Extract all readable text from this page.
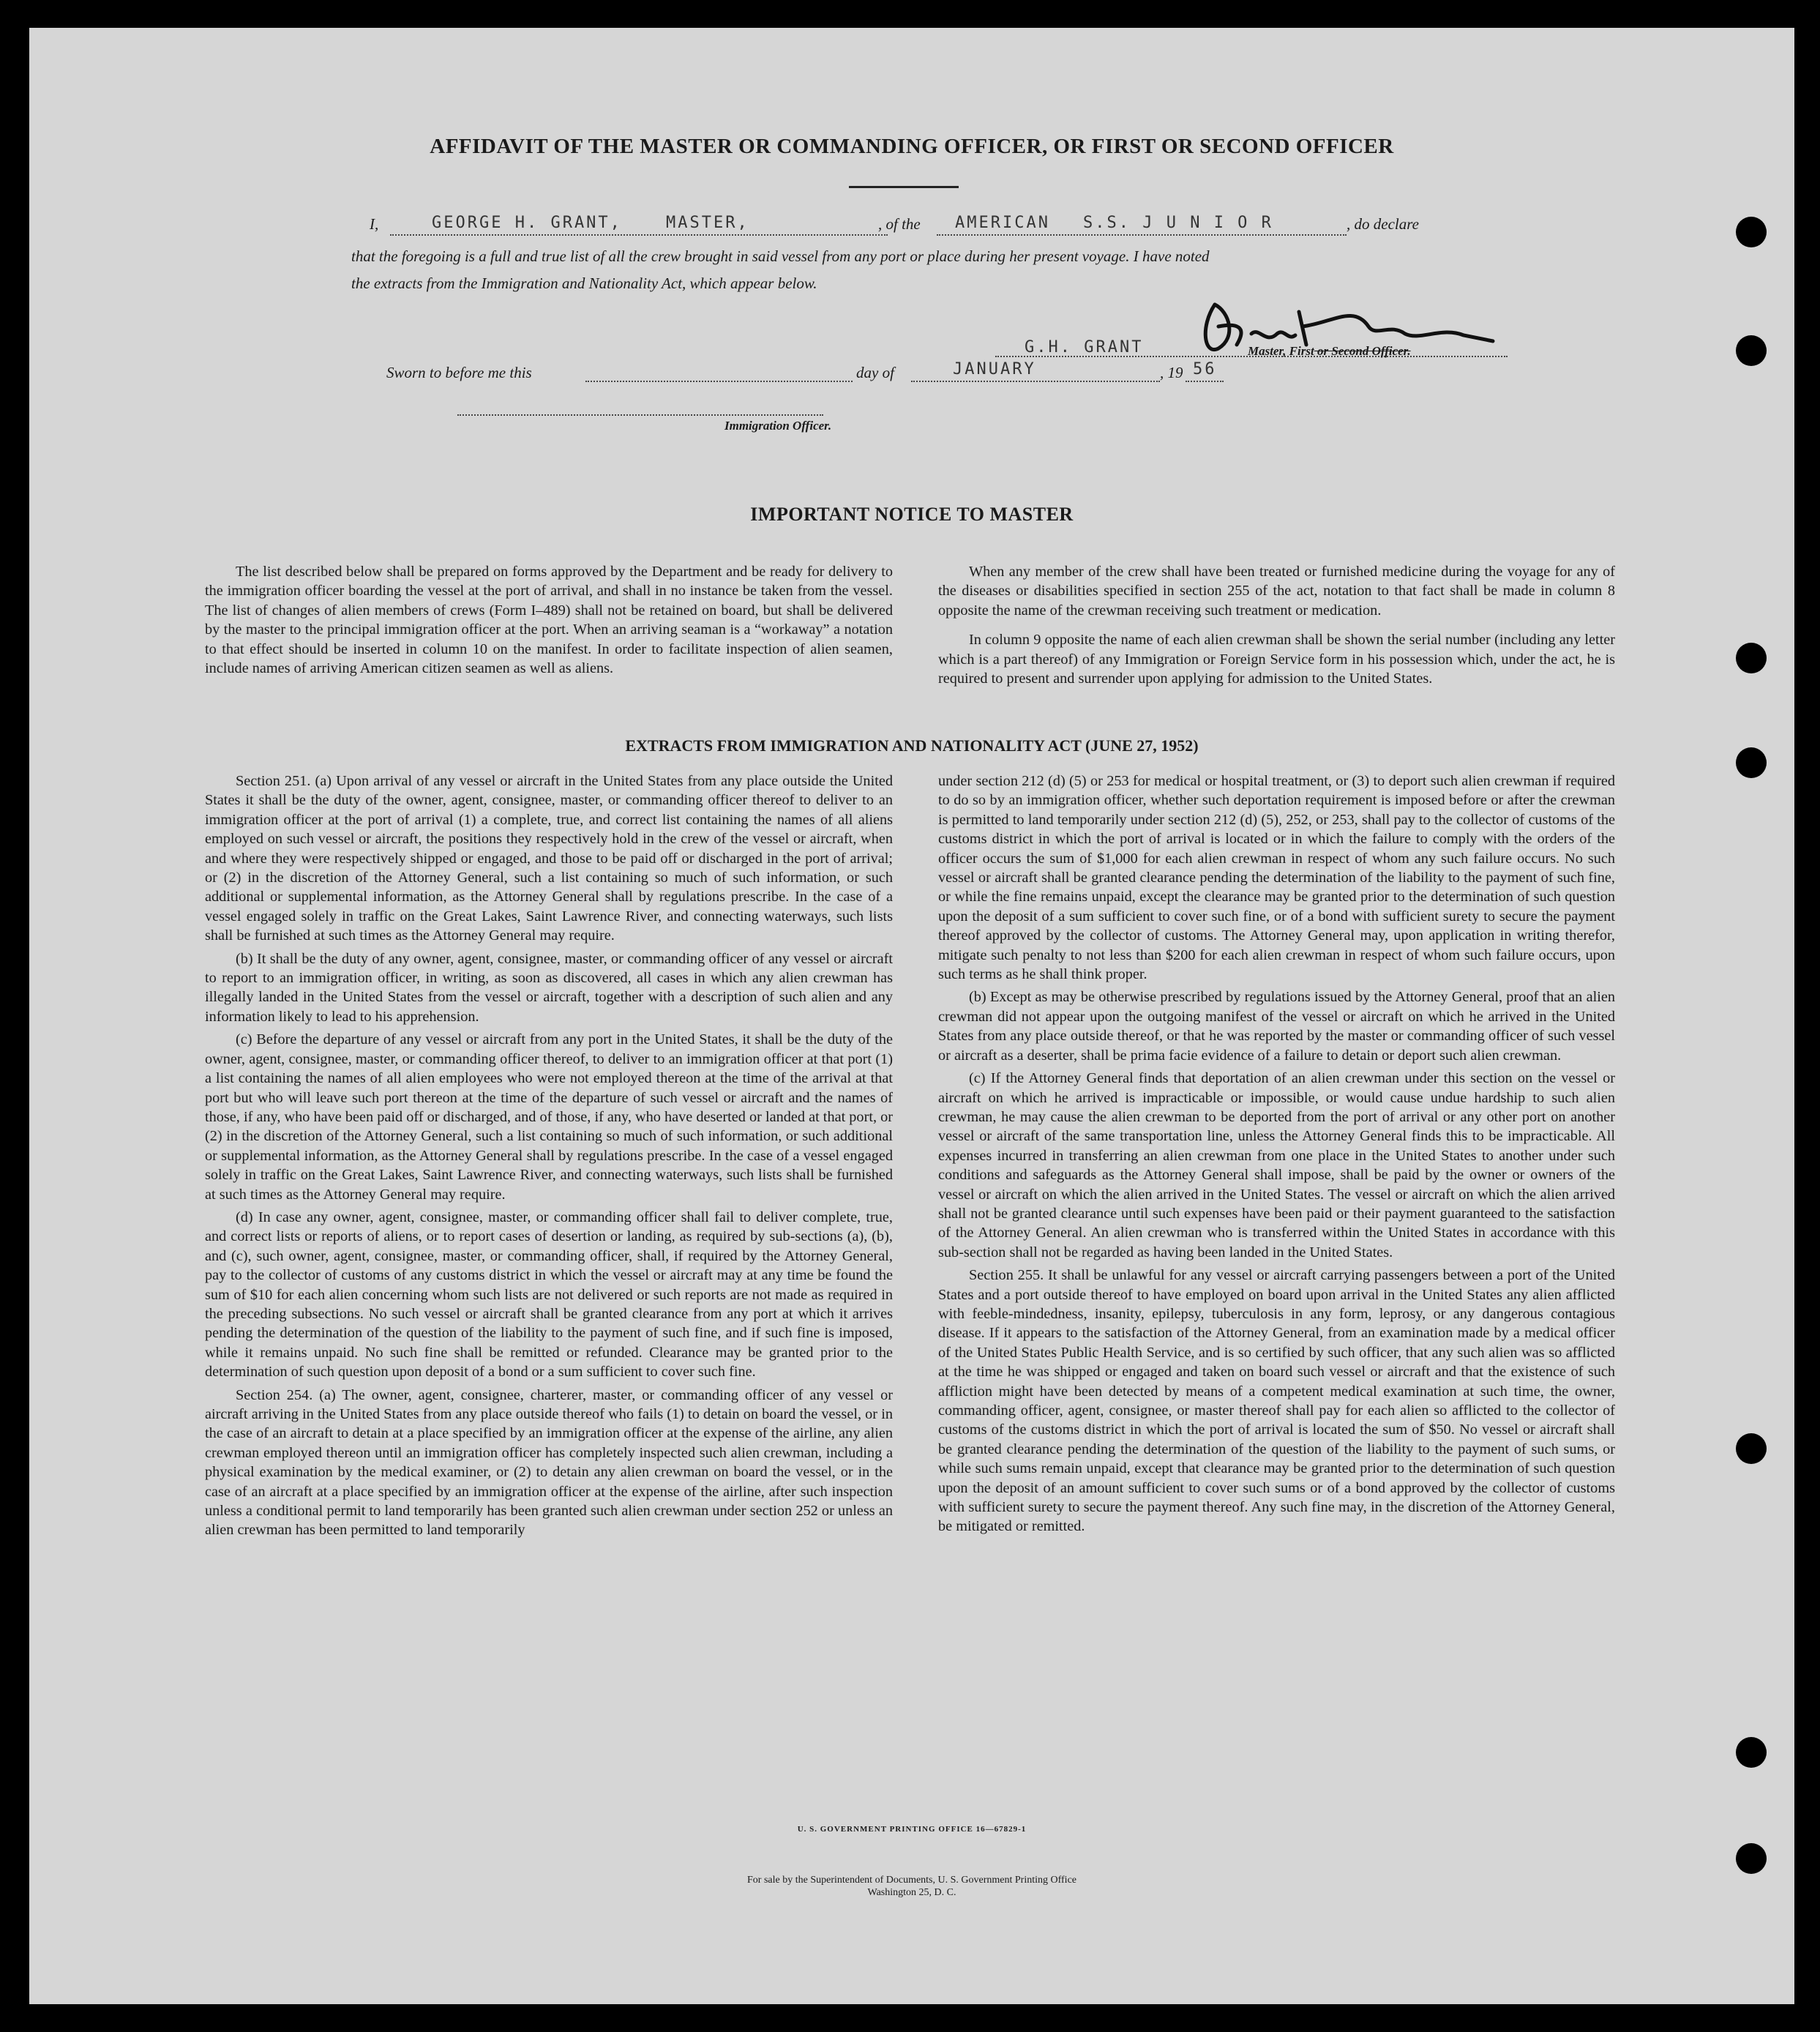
AFFIDAVIT OF THE MASTER OR COMMANDING OFFICER, OR FIRST OR SECOND OFFICER
I,	GEORGE H. GRANT,	MASTER,	, of the AMERICAN S.S. J U N I O R	, do declare
that the foregoing is a full and true list of all the crew brought in said vessel from any port or place during her present voyage. I have noted
the extracts from the Immigration and Nationality Act, which appear below.
G.H. GRANT	Master, First or Second Officer.
Sworn to before me this	day of	JANUARY	, 19 56
Immigration Officer.
IMPORTANT NOTICE TO MASTER

The list described below shall be prepared on forms approved by the Department and be ready for delivery to the immigration officer boarding the vessel at the port of arrival, and shall in no instance be taken from the vessel. The list of changes of alien members of crews (Form I–489) shall not be retained on board, but shall be delivered by the master to the principal immigration officer at the port. When an arriving seaman is a “workaway” a notation to that effect should be inserted in column 10 on the manifest. In order to facilitate inspection of alien seamen, include names of arriving American citizen seamen as well as aliens.

When any member of the crew shall have been treated or furnished medicine during the voyage for any of the diseases or disabilities specified in section 255 of the act, notation to that fact shall be made in column 8 opposite the name of the crewman receiving such treatment or medication.

In column 9 opposite the name of each alien crewman shall be shown the serial number (including any letter which is a part thereof) of any Immigration or Foreign Service form in his possession which, under the act, he is required to present and surrender upon applying for admission to the United States.

EXTRACTS FROM IMMIGRATION AND NATIONALITY ACT (JUNE 27, 1952)

Section 251. (a) Upon arrival of any vessel or aircraft in the United States from any place outside the United States it shall be the duty of the owner, agent, consignee, master, or commanding officer thereof to deliver to an immigration officer at the port of arrival (1) a complete, true, and correct list containing the names of all aliens employed on such vessel or aircraft, the positions they respectively hold in the crew of the vessel or aircraft, when and where they were respectively shipped or engaged, and those to be paid off or discharged in the port of arrival; or (2) in the discretion of the Attorney General, such a list containing so much of such information, or such additional or supplemental information, as the Attorney General shall by regulations prescribe. In the case of a vessel engaged solely in traffic on the Great Lakes, Saint Lawrence River, and connecting waterways, such lists shall be furnished at such times as the Attorney General may require.

(b) It shall be the duty of any owner, agent, consignee, master, or commanding officer of any vessel or aircraft to report to an immigration officer, in writing, as soon as discovered, all cases in which any alien crewman has illegally landed in the United States from the vessel or aircraft, together with a description of such alien and any information likely to lead to his apprehension.

(c) Before the departure of any vessel or aircraft from any port in the United States, it shall be the duty of the owner, agent, consignee, master, or commanding officer thereof, to deliver to an immigration officer at that port (1) a list containing the names of all alien employees who were not employed thereon at the time of the arrival at that port but who will leave such port thereon at the time of the departure of such vessel or aircraft and the names of those, if any, who have been paid off or discharged, and of those, if any, who have deserted or landed at that port, or (2) in the discretion of the Attorney General, such a list containing so much of such information, or such additional or supplemental information, as the Attorney General shall by regulations prescribe. In the case of a vessel engaged solely in traffic on the Great Lakes, Saint Lawrence River, and connecting waterways, such lists shall be furnished at such times as the Attorney General may require.

(d) In case any owner, agent, consignee, master, or commanding officer shall fail to deliver complete, true, and correct lists or reports of aliens, or to report cases of desertion or landing, as required by sub-sections (a), (b), and (c), such owner, agent, consignee, master, or commanding officer, shall, if required by the Attorney General, pay to the collector of customs of any customs district in which the vessel or aircraft may at any time be found the sum of $10 for each alien concerning whom such lists are not delivered or such reports are not made as required in the preceding subsections. No such vessel or aircraft shall be granted clearance from any port at which it arrives pending the determination of the question of the liability to the payment of such fine, and if such fine is imposed, while it remains unpaid. No such fine shall be remitted or refunded. Clearance may be granted prior to the determination of such question upon deposit of a bond or a sum sufficient to cover such fine.

Section 254. (a) The owner, agent, consignee, charterer, master, or commanding officer of any vessel or aircraft arriving in the United States from any place outside thereof who fails (1) to detain on board the vessel, or in the case of an aircraft to detain at a place specified by an immigration officer at the expense of the airline, any alien crewman employed thereon until an immigration officer has completely inspected such alien crewman, including a physical examination by the medical examiner, or (2) to detain any alien crewman on board the vessel, or in the case of an aircraft at a place specified by an immigration officer at the expense of the airline, after such inspection unless a conditional permit to land temporarily has been granted such alien crewman under section 252 or unless an alien crewman has been permitted to land temporarily

under section 212 (d) (5) or 253 for medical or hospital treatment, or (3) to deport such alien crewman if required to do so by an immigration officer, whether such deportation requirement is imposed before or after the crewman is permitted to land temporarily under section 212 (d) (5), 252, or 253, shall pay to the collector of customs of the customs district in which the port of arrival is located or in which the failure to comply with the orders of the officer occurs the sum of $1,000 for each alien crewman in respect of whom any such failure occurs. No such vessel or aircraft shall be granted clearance pending the determination of the liability to the payment of such fine, or while the fine remains unpaid, except the clearance may be granted prior to the determination of such question upon the deposit of a sum sufficient to cover such fine, or of a bond with sufficient surety to secure the payment thereof approved by the collector of customs. The Attorney General may, upon application in writing therefor, mitigate such penalty to not less than $200 for each alien crewman in respect of whom such failure occurs, upon such terms as he shall think proper.

(b) Except as may be otherwise prescribed by regulations issued by the Attorney General, proof that an alien crewman did not appear upon the outgoing manifest of the vessel or aircraft on which he arrived in the United States from any place outside thereof, or that he was reported by the master or commanding officer of such vessel or aircraft as a deserter, shall be prima facie evidence of a failure to detain or deport such alien crewman.

(c) If the Attorney General finds that deportation of an alien crewman under this section on the vessel or aircraft on which he arrived is impracticable or impossible, or would cause undue hardship to such alien crewman, he may cause the alien crewman to be deported from the port of arrival or any other port on another vessel or aircraft of the same transportation line, unless the Attorney General finds this to be impracticable. All expenses incurred in transferring an alien crewman from one place in the United States to another under such conditions and safeguards as the Attorney General shall impose, shall be paid by the owner or owners of the vessel or aircraft on which the alien arrived in the United States. The vessel or aircraft on which the alien arrived shall not be granted clearance until such expenses have been paid or their payment guaranteed to the satisfaction of the Attorney General. An alien crewman who is transferred within the United States in accordance with this sub-section shall not be regarded as having been landed in the United States.

Section 255. It shall be unlawful for any vessel or aircraft carrying passengers between a port of the United States and a port outside thereof to have employed on board upon arrival in the United States any alien afflicted with feeble-mindedness, insanity, epilepsy, tuberculosis in any form, leprosy, or any dangerous contagious disease. If it appears to the satisfaction of the Attorney General, from an examination made by a medical officer of the United States Public Health Service, and is so certified by such officer, that any such alien was so afflicted at the time he was shipped or engaged and taken on board such vessel or aircraft and that the existence of such affliction might have been detected by means of a competent medical examination at such time, the owner, commanding officer, agent, consignee, or master thereof shall pay for each alien so afflicted to the collector of customs of the customs district in which the port of arrival is located the sum of $50. No vessel or aircraft shall be granted clearance pending the determination of the question of the liability to the payment of such sums, or while such sums remain unpaid, except that clearance may be granted prior to the determination of such question upon the deposit of an amount sufficient to cover such sums or of a bond approved by the collector of customs with sufficient surety to secure the payment thereof. Any such fine may, in the discretion of the Attorney General, be mitigated or remitted.

U. S. GOVERNMENT PRINTING OFFICE 16—67829-1
For sale by the Superintendent of Documents, U. S. Government Printing Office
Washington 25, D. C.
